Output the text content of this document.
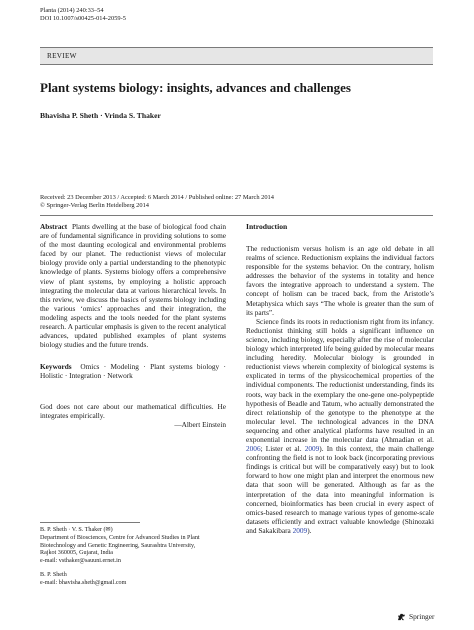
Planta (2014) 240:33–54
DOI 10.1007/s00425-014-2059-5
REVIEW
Plant systems biology: insights, advances and challenges
Bhavisha P. Sheth · Vrinda S. Thaker
Received: 23 December 2013 / Accepted: 6 March 2014 / Published online: 27 March 2014
© Springer-Verlag Berlin Heidelberg 2014

Abstract Plants dwelling at the base of biological food chain are of fundamental significance in providing solutions to some of the most daunting ecological and environmental problems faced by our planet. The reductionist views of molecular biology provide only a partial understanding to the phenotypic knowledge of plants. Systems biology offers a comprehensive view of plant systems, by employing a holistic approach integrating the molecular data at various hierarchical levels. In this review, we discuss the basics of systems biology including the various ‘omics’ approaches and their integration, the modeling aspects and the tools needed for the plant systems research. A particular emphasis is given to the recent analytical advances, updated published examples of plant systems biology studies and the future trends.

Keywords Omics · Modeling · Plant systems biology · Holistic · Integration · Network

God does not care about our mathematical difficulties. He integrates empirically.

—Albert Einstein

B. P. Sheth · V. S. Thaker (✉)

Department of Biosciences, Centre for Advanced Studies in Plant

Biotechnology and Genetic Engineering, Saurashtra University,

Rajkot 360005, Gujarat, India

e-mail: vsthaker@sauuni.ernet.in

B. P. Sheth

e-mail: bhavisha.sheth@gmail.com

Introduction

The reductionism versus holism is an age old debate in all realms of science. Reductionism explains the individual factors responsible for the systems behavior. On the contrary, holism addresses the behavior of the systems in totality and hence favors the integrative approach to understand a system. The concept of holism can be traced back, from the Aristotle’s Metaphysica which says “The whole is greater than the sum of its parts”.

Science finds its roots in reductionism right from its infancy. Reductionist thinking still holds a significant influence on science, including biology, especially after the rise of molecular biology which interpreted life being guided by molecular means including heredity. Molecular biology is grounded in reductionist views wherein complexity of biological systems is explicated in terms of the physicochemical properties of the individual components. The reductionist understanding, finds its roots, way back in the exemplary the one-gene one-polypeptide hypothesis of Beadle and Tatum, who actually demonstrated the direct relationship of the genotype to the phenotype at the molecular level. The technological advances in the DNA sequencing and other analytical platforms have resulted in an exponential increase in the molecular data (Ahmadian et al. 2006; Lister et al. 2009). In this context, the main challenge confronting the field is not to look back (incorporating previous findings is critical but will be comparatively easy) but to look forward to how one might plan and interpret the enormous new data that soon will be generated. Although as far as the interpretation of the data into meaningful information is concerned, bioinformatics has been crucial in every aspect of omics-based research to manage various types of genome-scale datasets efficiently and extract valuable knowledge (Shinozaki and Sakakibara 2009).

Springer
